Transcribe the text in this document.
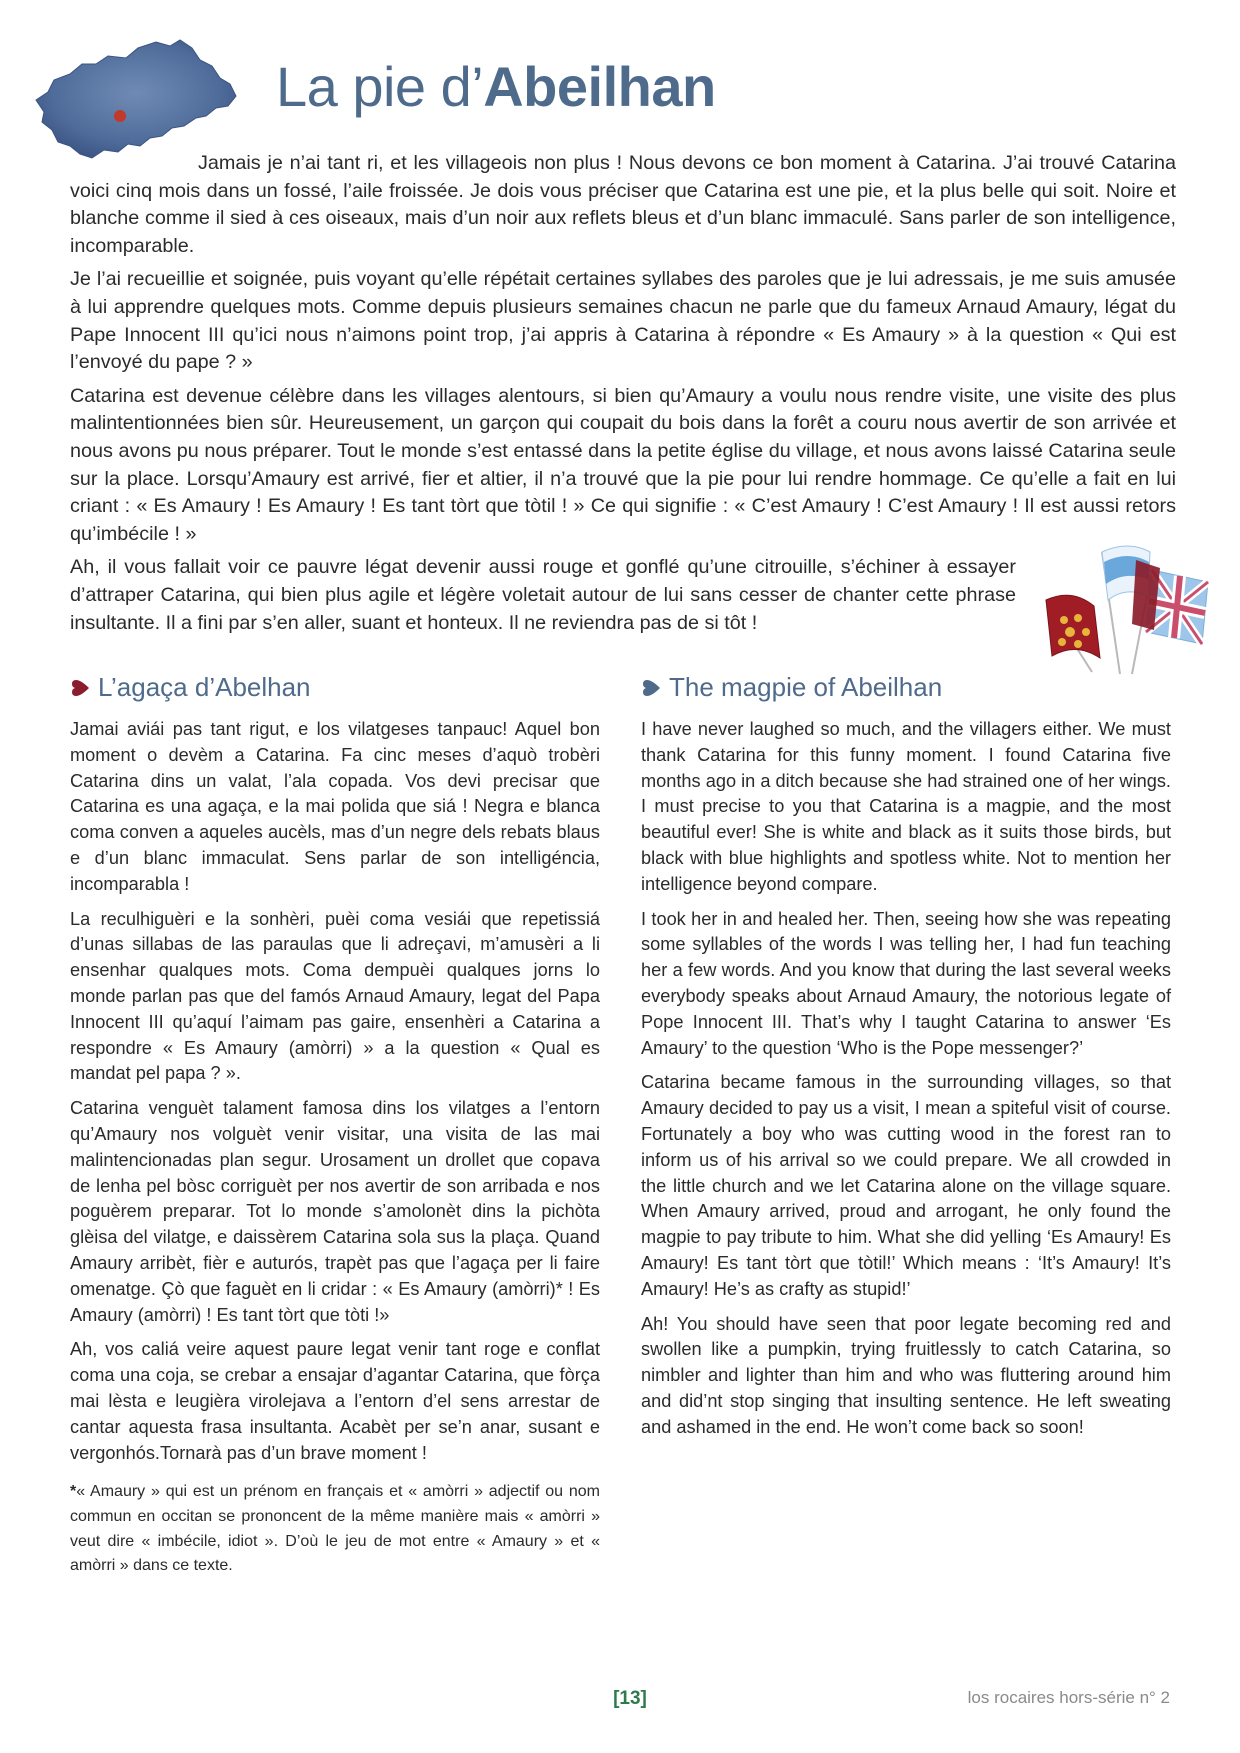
La pie d’Abeilhan

Jamais je n’ai tant ri, et les villageois non plus ! Nous devons ce bon moment à Catarina. J’ai trouvé Catarina voici cinq mois dans un fossé, l’aile froissée. Je dois vous préciser que Catarina est une pie, et la plus belle qui soit. Noire et blanche comme il sied à ces oiseaux, mais d’un noir aux reflets bleus et d’un blanc immaculé. Sans parler de son intelligence, incomparable.

Je l’ai recueillie et soignée, puis voyant qu’elle répétait certaines syllabes des paroles que je lui adressais, je me suis amusée à lui apprendre quelques mots. Comme depuis plusieurs semaines chacun ne parle que du fameux Arnaud Amaury, légat du Pape Innocent III qu’ici nous n’aimons point trop, j’ai appris à Catarina à répondre « Es Amaury » à la question « Qui est l’envoyé du pape ? »

Catarina est devenue célèbre dans les villages alentours, si bien qu’Amaury a voulu nous rendre visite, une visite des plus malintentionnées bien sûr. Heureusement, un garçon qui coupait du bois dans la forêt a couru nous avertir de son arrivée et nous avons pu nous préparer. Tout le monde s’est entassé dans la petite église du village, et nous avons laissé Catarina seule sur la place. Lorsqu’Amaury est arrivé, fier et altier, il n’a trouvé que la pie pour lui rendre hommage. Ce qu’elle a fait en lui criant : « Es Amaury ! Es Amaury ! Es tant tòrt que tòtil ! » Ce qui signifie : « C’est Amaury ! C’est Amaury ! Il est aussi retors qu’imbécile ! »

Ah, il vous fallait voir ce pauvre légat devenir aussi rouge et gonflé qu’une citrouille, s’échiner à essayer d’attraper Catarina, qui bien plus agile et légère voletait autour de lui sans cesser de chanter cette phrase insultante. Il a fini par s’en aller, suant et honteux. Il ne reviendra pas de si tôt !

L’agaça d’Abelhan

Jamai aviái pas tant rigut, e los vilatgeses tanpauc! Aquel bon moment o devèm a Catarina. Fa cinc meses d’aquò trobèri Catarina dins un valat, l’ala copada. Vos devi precisar que Catarina es una agaça, e la mai polida que siá ! Negra e blanca coma conven a aqueles aucèls, mas d’un negre dels rebats blaus e d’un blanc immaculat. Sens parlar de son intelligéncia, incomparabla !

La reculhiguèri e la sonhèri, puèi coma vesiái que repetissiá d’unas sillabas de las paraulas que li adreçavi, m’amusèri a li ensenhar qualques mots. Coma dempuèi qualques jorns lo monde parlan pas que del famós Arnaud Amaury, legat del Papa Innocent III qu’aquí l’aimam pas gaire, ensenhèri a Catarina a respondre « Es Amaury (amòrri) » a la question « Qual es mandat pel papa ? ».

Catarina venguèt talament famosa dins los vilatges a l’entorn qu’Amaury nos volguèt venir visitar, una visita de las mai malintencionadas plan segur. Urosament un drollet que copava de lenha pel bòsc corriguèt per nos avertir de son arribada e nos poguèrem preparar. Tot lo monde s’amolonèt dins la pichòta glèisa del vilatge, e daissèrem Catarina sola sus la plaça. Quand Amaury arribèt, fièr e auturós, trapèt pas que l’agaça per li faire omenatge. Çò que faguèt en li cridar : « Es Amaury (amòrri)* ! Es Amaury (amòrri) ! Es tant tòrt que tòti !»

Ah, vos caliá veire aquest paure legat venir tant roge e conflat coma una coja, se crebar a ensajar d’agantar Catarina, que fòrça mai lèsta e leugièra virolejava a l’entorn d’el sens arrestar de cantar aquesta frasa insultanta. Acabèt per se’n anar, susant e vergonhós.Tornarà pas d’un brave moment !

*« Amaury » qui est un prénom en français et « amòrri » adjectif ou nom commun en occitan se prononcent de la même manière mais « amòrri » veut dire « imbécile, idiot ». D’où le jeu de mot entre « Amaury » et « amòrri » dans ce texte.

The magpie of Abeilhan

I have never laughed so much, and the villagers either. We must thank Catarina for this funny moment. I found Catarina five months ago in a ditch because she had strained one of her wings. I must precise to you that Catarina is a magpie, and the most beautiful ever! She is white and black as it suits those birds, but black with blue highlights and spotless white. Not to mention her intelligence beyond compare.

I took her in and healed her. Then, seeing how she was repeating some syllables of the words I was telling her, I had fun teaching her a few words. And you know that during the last several weeks everybody speaks about Arnaud Amaury, the notorious legate of Pope Innocent III. That’s why I taught Catarina to answer ‘Es Amaury’ to the question ‘Who is the Pope messenger?’

Catarina became famous in the surrounding villages, so that Amaury decided to pay us a visit, I mean a spiteful visit of course. Fortunately a boy who was cutting wood in the forest ran to inform us of his arrival so we could prepare. We all crowded in the little church and we let Catarina alone on the village square. When Amaury arrived, proud and arrogant, he only found the magpie to pay tribute to him. What she did yelling ‘Es Amaury! Es Amaury! Es tant tòrt que tòtil!’ Which means : ‘It’s Amaury! It’s Amaury! He’s as crafty as stupid!’

Ah! You should have seen that poor legate becoming red and swollen like a pumpkin, trying fruitlessly to catch Catarina, so nimbler and lighter than him and who was fluttering around him and did’nt stop singing that insulting sentence. He left sweating and ashamed in the end. He won’t come back so soon!

[13]	los rocaires hors-série n° 2
